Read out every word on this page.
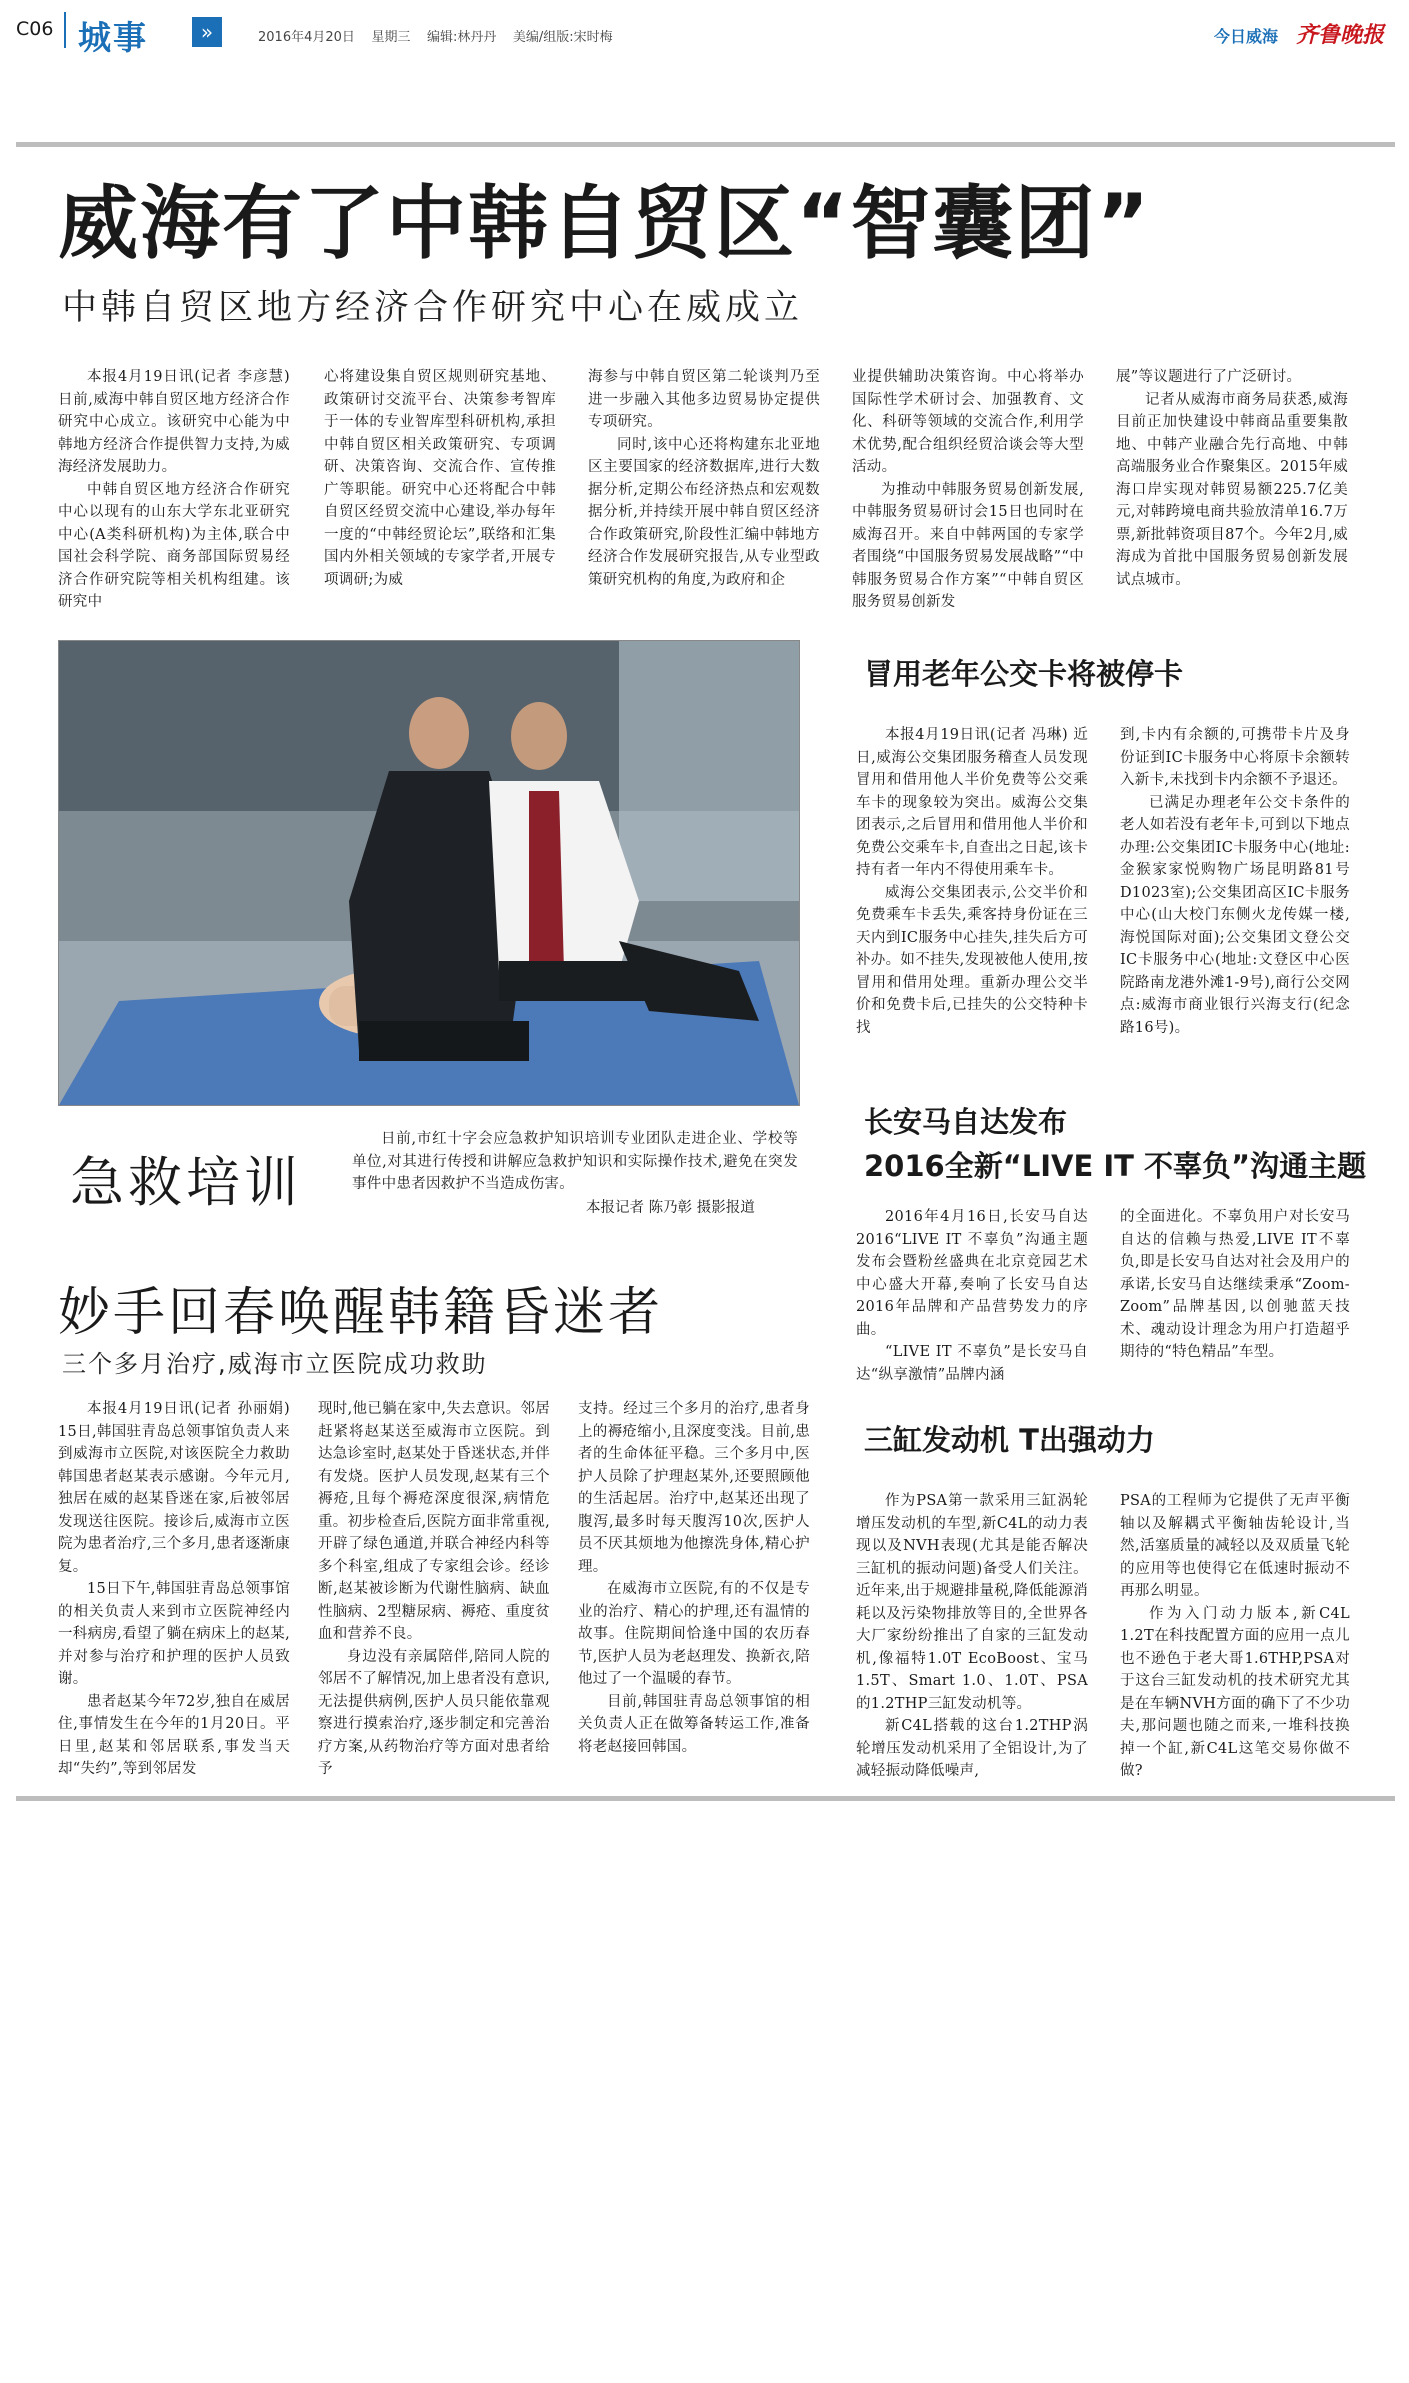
C06 城事	»	2016年4月20日 星期三 编辑:林丹丹 美编/组版:宋时梅	今日威海 齐鲁晚报
威海有了中韩自贸区“智囊团”
中韩自贸区地方经济合作研究中心在威成立

本报4月19日讯(记者 李彦慧) 日前,威海中韩自贸区地方经济合作研究中心成立。该研究中心能为中韩地方经济合作提供智力支持,为威海经济发展助力。

中韩自贸区地方经济合作研究中心以现有的山东大学东北亚研究中心(A类科研机构)为主体,联合中国社会科学院、商务部国际贸易经济合作研究院等相关机构组建。该研究中

心将建设集自贸区规则研究基地、政策研讨交流平台、决策参考智库于一体的专业智库型科研机构,承担中韩自贸区相关政策研究、专项调研、决策咨询、交流合作、宣传推广等职能。研究中心还将配合中韩自贸区经贸交流中心建设,举办每年一度的“中韩经贸论坛”,联络和汇集国内外相关领域的专家学者,开展专项调研;为威

海参与中韩自贸区第二轮谈判乃至进一步融入其他多边贸易协定提供专项研究。

同时,该中心还将构建东北亚地区主要国家的经济数据库,进行大数据分析,定期公布经济热点和宏观数据分析,并持续开展中韩自贸区经济合作政策研究,阶段性汇编中韩地方经济合作发展研究报告,从专业型政策研究机构的角度,为政府和企

业提供辅助决策咨询。中心将举办国际性学术研讨会、加强教育、文化、科研等领域的交流合作,利用学术优势,配合组织经贸洽谈会等大型活动。

为推动中韩服务贸易创新发展,中韩服务贸易研讨会15日也同时在威海召开。来自中韩两国的专家学者围绕“中国服务贸易发展战略”“中韩服务贸易合作方案”“中韩自贸区服务贸易创新发

展”等议题进行了广泛研讨。

记者从威海市商务局获悉,威海目前正加快建设中韩商品重要集散地、中韩产业融合先行高地、中韩高端服务业合作聚集区。2015年威海口岸实现对韩贸易额225.7亿美元,对韩跨境电商共验放清单16.7万票,新批韩资项目87个。今年2月,威海成为首批中国服务贸易创新发展试点城市。

急救培训

日前,市红十字会应急救护知识培训专业团队走进企业、学校等单位,对其进行传授和讲解应急救护知识和实际操作技术,避免在突发事件中患者因救护不当造成伤害。

本报记者 陈乃彰 摄影报道
冒用老年公交卡将被停卡

本报4月19日讯(记者 冯琳) 近日,威海公交集团服务稽查人员发现冒用和借用他人半价免费等公交乘车卡的现象较为突出。威海公交集团表示,之后冒用和借用他人半价和免费公交乘车卡,自查出之日起,该卡持有者一年内不得使用乘车卡。

威海公交集团表示,公交半价和免费乘车卡丢失,乘客持身份证在三天内到IC服务中心挂失,挂失后方可补办。如不挂失,发现被他人使用,按冒用和借用处理。重新办理公交半价和免费卡后,已挂失的公交特种卡找

到,卡内有余额的,可携带卡片及身份证到IC卡服务中心将原卡余额转入新卡,未找到卡内余额不予退还。

已满足办理老年公交卡条件的老人如若没有老年卡,可到以下地点办理:公交集团IC卡服务中心(地址:金猴家家悦购物广场昆明路81号D1023室);公交集团高区IC卡服务中心(山大校门东侧火龙传媒一楼,海悦国际对面);公交集团文登公交IC卡服务中心(地址:文登区中心医院路南龙港外滩1-9号),商行公交网点:威海市商业银行兴海支行(纪念路16号)。

长安马自达发布
2016全新“LIVE IT 不辜负”沟通主题

2016年4月16日,长安马自达2016“LIVE IT 不辜负”沟通主题发布会暨粉丝盛典在北京竞园艺术中心盛大开幕,奏响了长安马自达2016年品牌和产品营势发力的序曲。

“LIVE IT 不辜负”是长安马自达“纵享激情”品牌内涵

的全面进化。不辜负用户对长安马自达的信赖与热爱,LIVE IT不辜负,即是长安马自达对社会及用户的承诺,长安马自达继续秉承“Zoom-Zoom”品牌基因,以创驰蓝天技术、魂动设计理念为用户打造超乎期待的“特色精品”车型。

三缸发动机 T出强动力

作为PSA第一款采用三缸涡轮增压发动机的车型,新C4L的动力表现以及NVH表现(尤其是能否解决三缸机的振动问题)备受人们关注。近年来,出于规避排量税,降低能源消耗以及污染物排放等目的,全世界各大厂家纷纷推出了自家的三缸发动机,像福特1.0T EcoBoost、宝马1.5T、Smart 1.0、1.0T、PSA的1.2THP三缸发动机等。

新C4L搭载的这台1.2THP涡轮增压发动机采用了全铝设计,为了减轻振动降低噪声,

PSA的工程师为它提供了无声平衡轴以及解耦式平衡轴齿轮设计,当然,活塞质量的减轻以及双质量飞轮的应用等也使得它在低速时振动不再那么明显。

作为入门动力版本,新C4L 1.2T在科技配置方面的应用一点儿也不逊色于老大哥1.6THP,PSA对于这台三缸发动机的技术研究尤其是在车辆NVH方面的确下了不少功夫,那问题也随之而来,一堆科技换掉一个缸,新C4L这笔交易你做不做?

妙手回春唤醒韩籍昏迷者
三个多月治疗,威海市立医院成功救助

本报4月19日讯(记者 孙丽娟) 15日,韩国驻青岛总领事馆负责人来到威海市立医院,对该医院全力救助韩国患者赵某表示感谢。今年元月,独居在威的赵某昏迷在家,后被邻居发现送往医院。接诊后,威海市立医院为患者治疗,三个多月,患者逐渐康复。

15日下午,韩国驻青岛总领事馆的相关负责人来到市立医院神经内一科病房,看望了躺在病床上的赵某,并对参与治疗和护理的医护人员致谢。

患者赵某今年72岁,独自在威居住,事情发生在今年的1月20日。平日里,赵某和邻居联系,事发当天却“失约”,等到邻居发

现时,他已躺在家中,失去意识。邻居赶紧将赵某送至威海市立医院。到达急诊室时,赵某处于昏迷状态,并伴有发烧。医护人员发现,赵某有三个褥疮,且每个褥疮深度很深,病情危重。初步检查后,医院方面非常重视,开辟了绿色通道,并联合神经内科等多个科室,组成了专家组会诊。经诊断,赵某被诊断为代谢性脑病、缺血性脑病、2型糖尿病、褥疮、重度贫血和营养不良。

身边没有亲属陪伴,陪同人院的邻居不了解情况,加上患者没有意识,无法提供病例,医护人员只能依靠观察进行摸索治疗,逐步制定和完善治疗方案,从药物治疗等方面对患者给予

支持。经过三个多月的治疗,患者身上的褥疮缩小,且深度变浅。目前,患者的生命体征平稳。三个多月中,医护人员除了护理赵某外,还要照顾他的生活起居。治疗中,赵某还出现了腹泻,最多时每天腹泻10次,医护人员不厌其烦地为他擦洗身体,精心护理。

在威海市立医院,有的不仅是专业的治疗、精心的护理,还有温情的故事。住院期间恰逢中国的农历春节,医护人员为老赵理发、换新衣,陪他过了一个温暖的春节。

目前,韩国驻青岛总领事馆的相关负责人正在做筹备转运工作,准备将老赵接回韩国。
